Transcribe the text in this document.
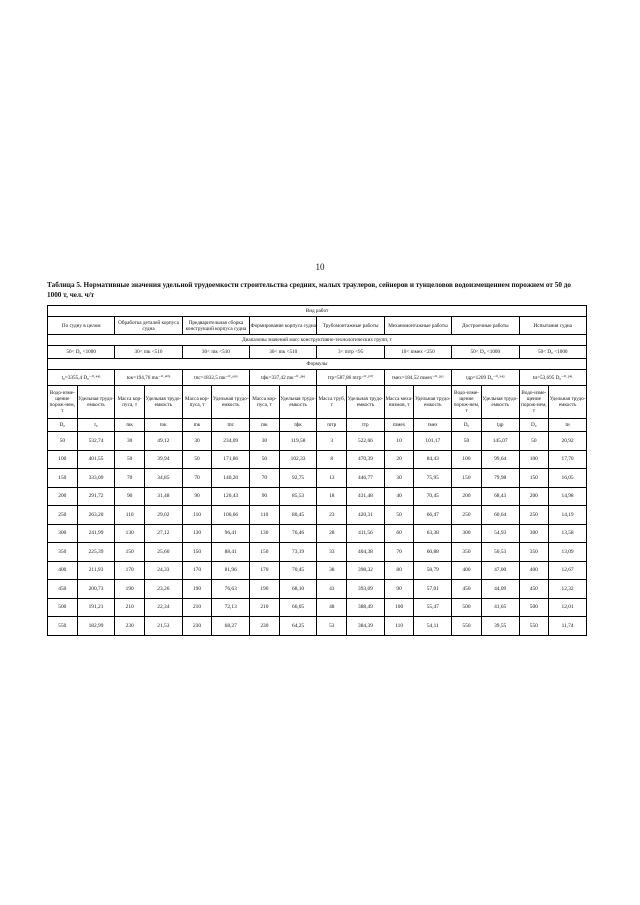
10
Таблица 5. Нормативные значения удельной трудоемкости строительства средних, малых траулеров, сейнеров и тунцеловов водоизмещением порожнем от 50 до 1000 т, чел. ч/т
Вид работ															
По судну в целом		Обработка деталей корпуса судна		Предварительная сборка конструкций корпуса судна		Формирование корпуса судна		Трубомонтажные работы		Механомонтажные работы		Достроечные работы		Испытания судна	
Диапазоны значений масс конструктивно-технологических групп, т															
50< D₀ <1000		30< mк <510		30< mк <510		30< mк <510		3< mтр <95		10< mмех <250		50< D₀ <1000		50< D₀ <1000	
Формулы															
t₀=3355,4 D₀⁻⁰·⁴⁴¹		tок=194,76 mк⁻⁰·⁴⁰⁵		tпс=1832,5 mк⁻⁰·⁶⁹⁵		tфк=337,42 mк⁻⁰·³⁸⁶		tтр=587,86 mтр⁻⁰·¹⁰⁷		tмех=184,52 mмех⁻⁰·²⁶¹		tдр=1209 D₀⁻⁰·⁵⁴²		tи=53,695 D₀⁻⁰·²⁴¹	
Водо-изме-щение порож-нем, т	Удельная трудо-емкость	Масса кор-пуса, т	Удельная трудо-емкость	Масса кор-пуса, т	Удельная трудо-емкость	Масса кор-пуса, т	Удельная трудо-емкость	Масса труб, т	Удельная трудо-емкость	Масса меха-низмов, т	Удельная трудо-емкость	Водо-изме-щение порож-нем, т	Удельная трудо-емкость	Водо-изме-щение порож-нем, т	Удельная трудо-емкость
D₀	t₀	mк	tок	mк	tпс	mк	tфк	mтр	tтр	mмех	tмех	D₀	tдр	D₀	tи
50	532,74	30	49,12	30	234,09	30	119,58	3	522,66	10	101,17	50	145,07	50	20,92
100	401,55	50	39,94	50	171,86	50	102,33	8	470,39	20	84,43	100	99,64	100	17,70
150	333,09	70	34,85	70	140,20	70	92,75	13	446,77	30	75,95	150	79,98	150	16,05
200	291,72	90	31,48	90	120,43	90	85,53	18	431,48	40	70,45	200	68,43	200	14,98
250	263,20	110	29,02	110	106,66	110	80,45	23	420,31	50	66,47	250	60,64	250	14,19
300	241,99	130	27,12	130	96,41	130	76,46	28	411,56	60	63,38	300	54,93	300	13,58
350	225,39	150	25,60	150	88,41	150	73,19	33	404,38	70	60,88	350	50,53	350	13,09
400	211,93	170	24,33	170	81,96	170	70,45	38	398,32	80	58,79	400	47,00	400	12,67
450	200,73	190	23,26	190	76,63	190	68,10	43	393,09	90	57,01	450	44,09	450	12,32
500	191,21	210	22,34	210	72,13	210	66,05	48	388,49	100	55,47	500	41,65	500	12,01
550	182,99	230	21,53	230	68,27	230	64,25	53	384,39	110	54,11	550	39,55	550	11,74
